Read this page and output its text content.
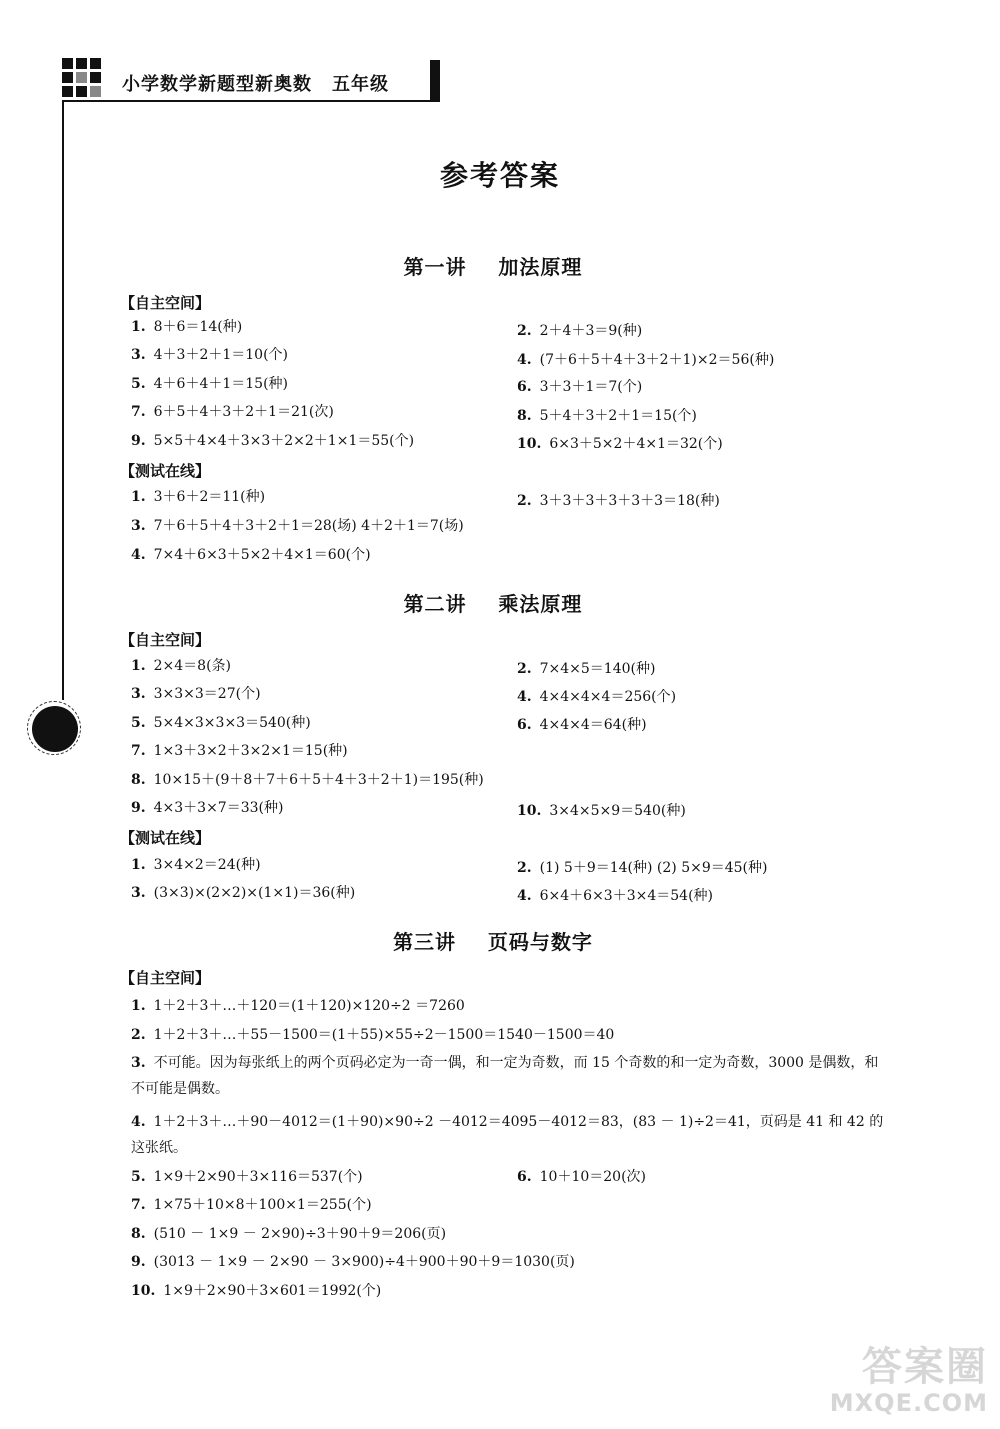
小学数学新题型新奥数 五年级
参考答案
第一讲    加法原理
【自主空间】
1. 8＋6＝14(种)	2. 2＋4＋3＝9(种)
3. 4＋3＋2＋1＝10(个)	4. (7＋6＋5＋4＋3＋2＋1)×2＝56(种)
5. 4＋6＋4＋1＝15(种)	6. 3＋3＋1＝7(个)
7. 6＋5＋4＋3＋2＋1＝21(次)	8. 5＋4＋3＋2＋1＝15(个)
9. 5×5＋4×4＋3×3＋2×2＋1×1＝55(个)	10. 6×3＋5×2＋4×1＝32(个)
【测试在线】
1. 3＋6＋2＝11(种)	2. 3＋3＋3＋3＋3＋3＝18(种)
3. 7＋6＋5＋4＋3＋2＋1＝28(场) 4＋2＋1＝7(场)
4. 7×4＋6×3＋5×2＋4×1＝60(个)
第二讲    乘法原理
【自主空间】
1. 2×4＝8(条)	2. 7×4×5＝140(种)
3. 3×3×3＝27(个)	4. 4×4×4×4＝256(个)
5. 5×4×3×3×3＝540(种)	6. 4×4×4＝64(种)
7. 1×3＋3×2＋3×2×1＝15(种)
8. 10×15＋(9＋8＋7＋6＋5＋4＋3＋2＋1)＝195(种)
9. 4×3＋3×7＝33(种)	10. 3×4×5×9＝540(种)
【测试在线】
1. 3×4×2＝24(种)	2. (1) 5＋9＝14(种) (2) 5×9＝45(种)
3. (3×3)×(2×2)×(1×1)＝36(种)	4. 6×4＋6×3＋3×4＝54(种)
第三讲    页码与数字
【自主空间】
1. 1＋2＋3＋…＋120＝(1＋120)×120÷2 ＝7260
2. 1＋2＋3＋…＋55－1500＝(1＋55)×55÷2－1500＝1540－1500＝40
3. 不可能。因为每张纸上的两个页码必定为一奇一偶，和一定为奇数，而 15 个奇数的和一定为奇数，3000 是偶数，和不可能是偶数。
4. 1＋2＋3＋…＋90－4012＝(1＋90)×90÷2 －4012＝4095－4012＝83，(83 － 1)÷2＝41，页码是 41 和 42 的这张纸。
5. 1×9＋2×90＋3×116＝537(个)	6. 10＋10＝20(次)
7. 1×75＋10×8＋100×1＝255(个)
8. (510 － 1×9 － 2×90)÷3＋90＋9＝206(页)
9. (3013 － 1×9 － 2×90 － 3×900)÷4＋900＋90＋9＝1030(页)
10. 1×9＋2×90＋3×601＝1992(个)
答案圈
MXQE.COM
